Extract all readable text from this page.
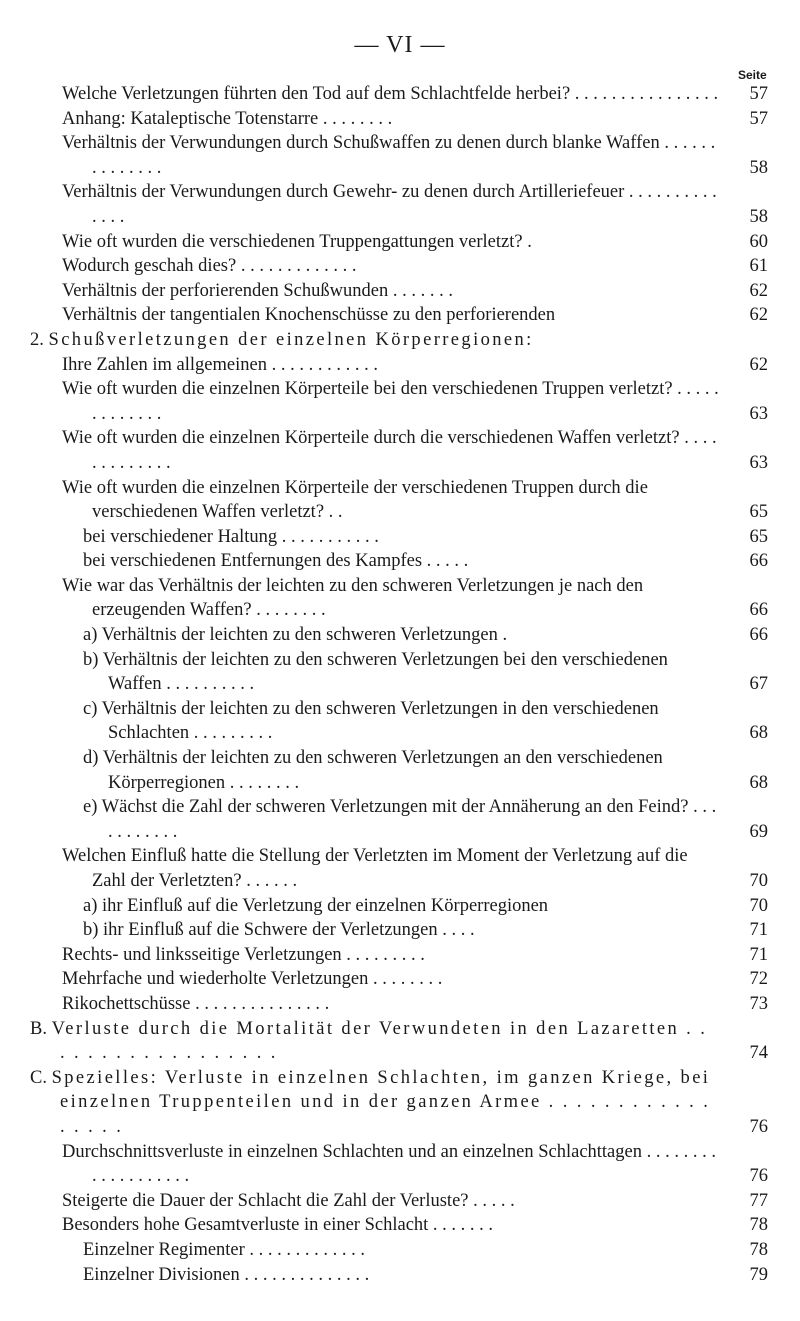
— VI —
Seite
Welche Verletzungen führten den Tod auf dem Schlachtfelde herbei? . . . . . . . . . . . . . . . .	57
Anhang: Kataleptische Totenstarre . . . . . . . .	57
Verhältnis der Verwundungen durch Schußwaffen zu denen durch blanke Waffen . . . . . . . . . . . . . .	58
Verhältnis der Verwundungen durch Gewehr- zu denen durch Artilleriefeuer . . . . . . . . . . . . . .	58
Wie oft wurden die verschiedenen Truppengattungen verletzt? .	60
Wodurch geschah dies? . . . . . . . . . . . . .	61
Verhältnis der perforierenden Schußwunden . . . . . . .	62
Verhältnis der tangentialen Knochenschüsse zu den perforierenden	62
2. Schußverletzungen der einzelnen Körperregionen:
Ihre Zahlen im allgemeinen . . . . . . . . . . . .	62
Wie oft wurden die einzelnen Körperteile bei den verschiedenen Truppen verletzt? . . . . . . . . . . . . .	63
Wie oft wurden die einzelnen Körperteile durch die verschiedenen Waffen verletzt? . . . . . . . . . . . . .	63
Wie oft wurden die einzelnen Körperteile der verschiedenen Truppen durch die verschiedenen Waffen verletzt? . .	65
bei verschiedener Haltung . . . . . . . . . . .	65
bei verschiedenen Entfernungen des Kampfes . . . . .	66
Wie war das Verhältnis der leichten zu den schweren Verletzungen je nach den erzeugenden Waffen? . . . . . . . .	66
a) Verhältnis der leichten zu den schweren Verletzungen .	66
b) Verhältnis der leichten zu den schweren Verletzungen bei den verschiedenen Waffen . . . . . . . . . .	67
c) Verhältnis der leichten zu den schweren Verletzungen in den verschiedenen Schlachten . . . . . . . . .	68
d) Verhältnis der leichten zu den schweren Verletzungen an den verschiedenen Körperregionen . . . . . . . .	68
e) Wächst die Zahl der schweren Verletzungen mit der Annäherung an den Feind? . . . . . . . . . . .	69
Welchen Einfluß hatte die Stellung der Verletzten im Moment der Verletzung auf die Zahl der Verletzten? . . . . . .	70
a) ihr Einfluß auf die Verletzung der einzelnen Körperregionen	70
b) ihr Einfluß auf die Schwere der Verletzungen . . . .	71
Rechts- und linksseitige Verletzungen . . . . . . . . .	71
Mehrfache und wiederholte Verletzungen . . . . . . . .	72
Rikochettschüsse . . . . . . . . . . . . . . .	73
B. Verluste durch die Mortalität der Verwundeten in den Lazaretten . . . . . . . . . . . . . . . . . .	74
C. Spezielles: Verluste in einzelnen Schlachten, im ganzen Kriege, bei einzelnen Truppenteilen und in der ganzen Armee . . . . . . . . . . . . . . . . .	76
Durchschnittsverluste in einzelnen Schlachten und an einzelnen Schlachttagen . . . . . . . . . . . . . . . . . . .	76
Steigerte die Dauer der Schlacht die Zahl der Verluste? . . . . .	77
Besonders hohe Gesamtverluste in einer Schlacht . . . . . . .	78
Einzelner Regimenter . . . . . . . . . . . . .	78
Einzelner Divisionen . . . . . . . . . . . . . .	79
